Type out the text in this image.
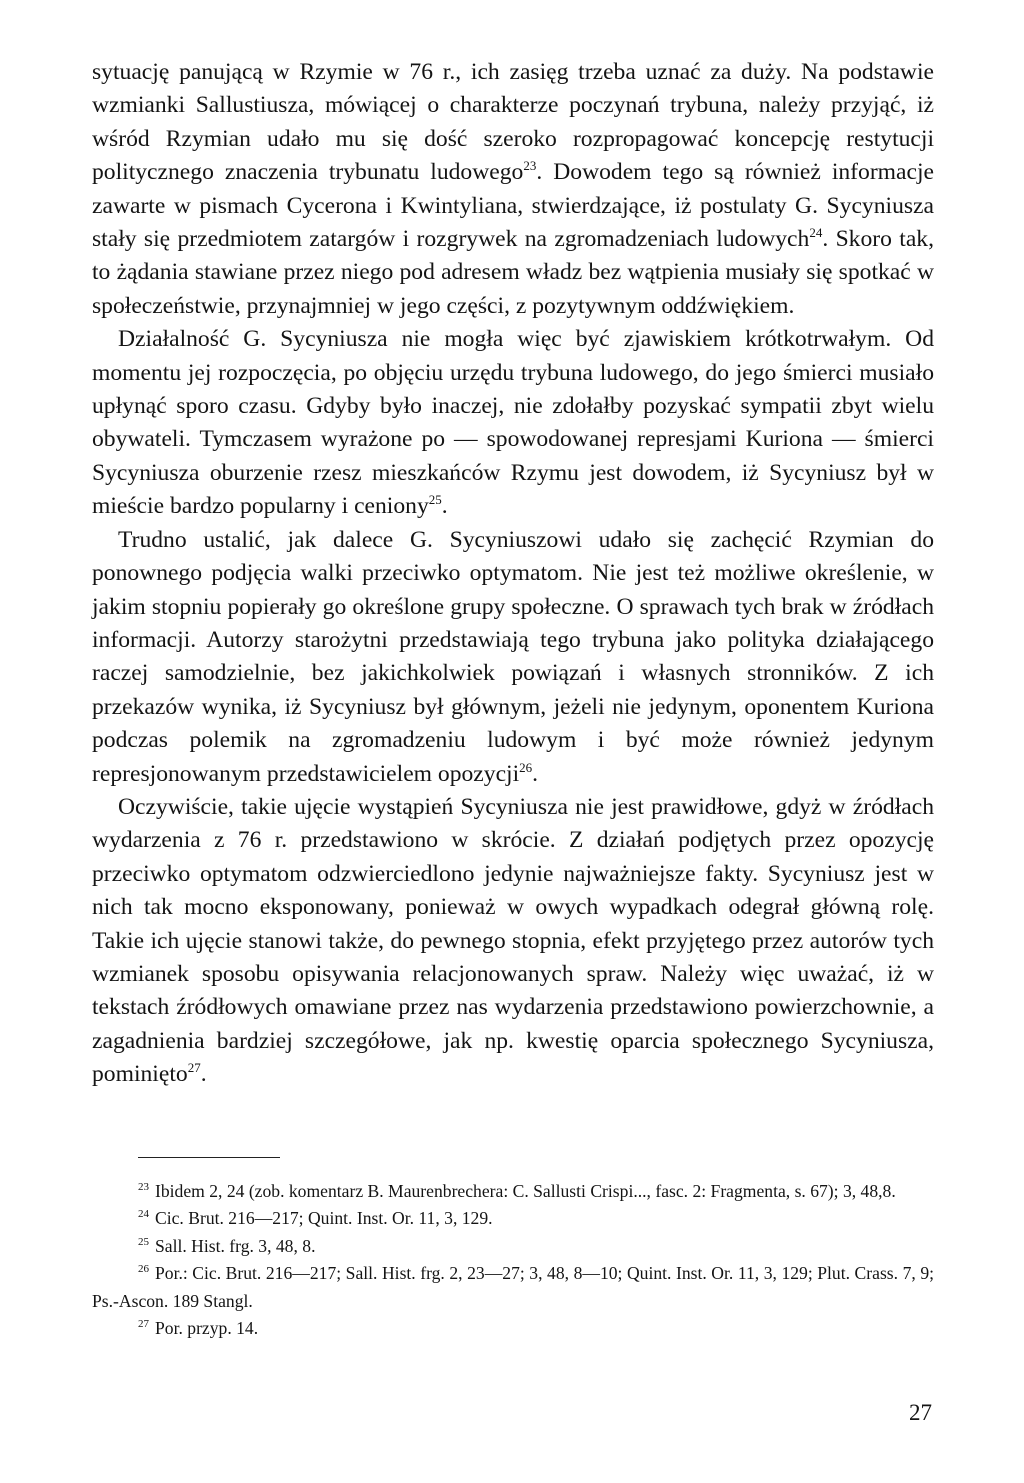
sytuację panującą w Rzymie w 76 r., ich zasięg trzeba uznać za duży. Na podstawie wzmianki Sallustiusza, mówiącej o charakterze poczynań trybuna, należy przyjąć, iż wśród Rzymian udało mu się dość szeroko rozpropagować koncepcję restytucji politycznego znaczenia trybunatu ludowego$^{23}$. Dowodem tego są również informacje zawarte w pismach Cycerona i Kwintyliana, stwierdzające, iż postulaty G. Sycyniusza stały się przedmiotem zatargów i rozgrywek na zgromadzeniach ludowych$^{24}$. Skoro tak, to żądania stawiane przez niego pod adresem władz bez wątpienia musiały się spotkać w społeczeństwie, przynajmniej w jego części, z pozytywnym oddźwiękiem.
Działalność G. Sycyniusza nie mogła więc być zjawiskiem krótkotrwałym. Od momentu jej rozpoczęcia, po objęciu urzędu trybuna ludowego, do jego śmierci musiało upłynąć sporo czasu. Gdyby było inaczej, nie zdołałby pozyskać sympatii zbyt wielu obywateli. Tymczasem wyrażone po — spowodowanej represjami Kuriona — śmierci Sycyniusza oburzenie rzesz mieszkańców Rzymu jest dowodem, iż Sycyniusz był w mieście bardzo popularny i ceniony$^{25}$.
Trudno ustalić, jak dalece G. Sycyniuszowi udało się zachęcić Rzymian do ponownego podjęcia walki przeciwko optymatom. Nie jest też możliwe określenie, w jakim stopniu popierały go określone grupy społeczne. O sprawach tych brak w źródłach informacji. Autorzy starożytni przedstawiają tego trybuna jako polityka działającego raczej samodzielnie, bez jakichkolwiek powiązań i własnych stronników. Z ich przekazów wynika, iż Sycyniusz był głównym, jeżeli nie jedynym, oponentem Kuriona podczas polemik na zgromadzeniu ludowym i być może również jedynym represjonowanym przedstawicielem opozycji$^{26}$.
Oczywiście, takie ujęcie wystąpień Sycyniusza nie jest prawidłowe, gdyż w źródłach wydarzenia z 76 r. przedstawiono w skrócie. Z działań podjętych przez opozycję przeciwko optymatom odzwierciedlono jedynie najważniejsze fakty. Sycyniusz jest w nich tak mocno eksponowany, ponieważ w owych wypadkach odegrał główną rolę. Takie ich ujęcie stanowi także, do pewnego stopnia, efekt przyjętego przez autorów tych wzmianek sposobu opisywania relacjonowanych spraw. Należy więc uważać, iż w tekstach źródłowych omawiane przez nas wydarzenia przedstawiono powierzchownie, a zagadnienia bardziej szczegółowe, jak np. kwestię oparcia społecznego Sycyniusza, pominięto$^{27}$.
$^{23}$ Ibidem 2, 24 (zob. komentarz B. Maurenbrechera: C. Sallusti Crispi..., fasc. 2: Fragmenta, s. 67); 3, 48,8.
$^{24}$ Cic. Brut. 216—217; Quint. Inst. Or. 11, 3, 129.
$^{25}$ Sall. Hist. frg. 3, 48, 8.
$^{26}$ Por.: Cic. Brut. 216—217; Sall. Hist. frg. 2, 23—27; 3, 48, 8—10; Quint. Inst. Or. 11, 3, 129; Plut. Crass. 7, 9; Ps.-Ascon. 189 Stangl.
$^{27}$ Por. przyp. 14.
27
